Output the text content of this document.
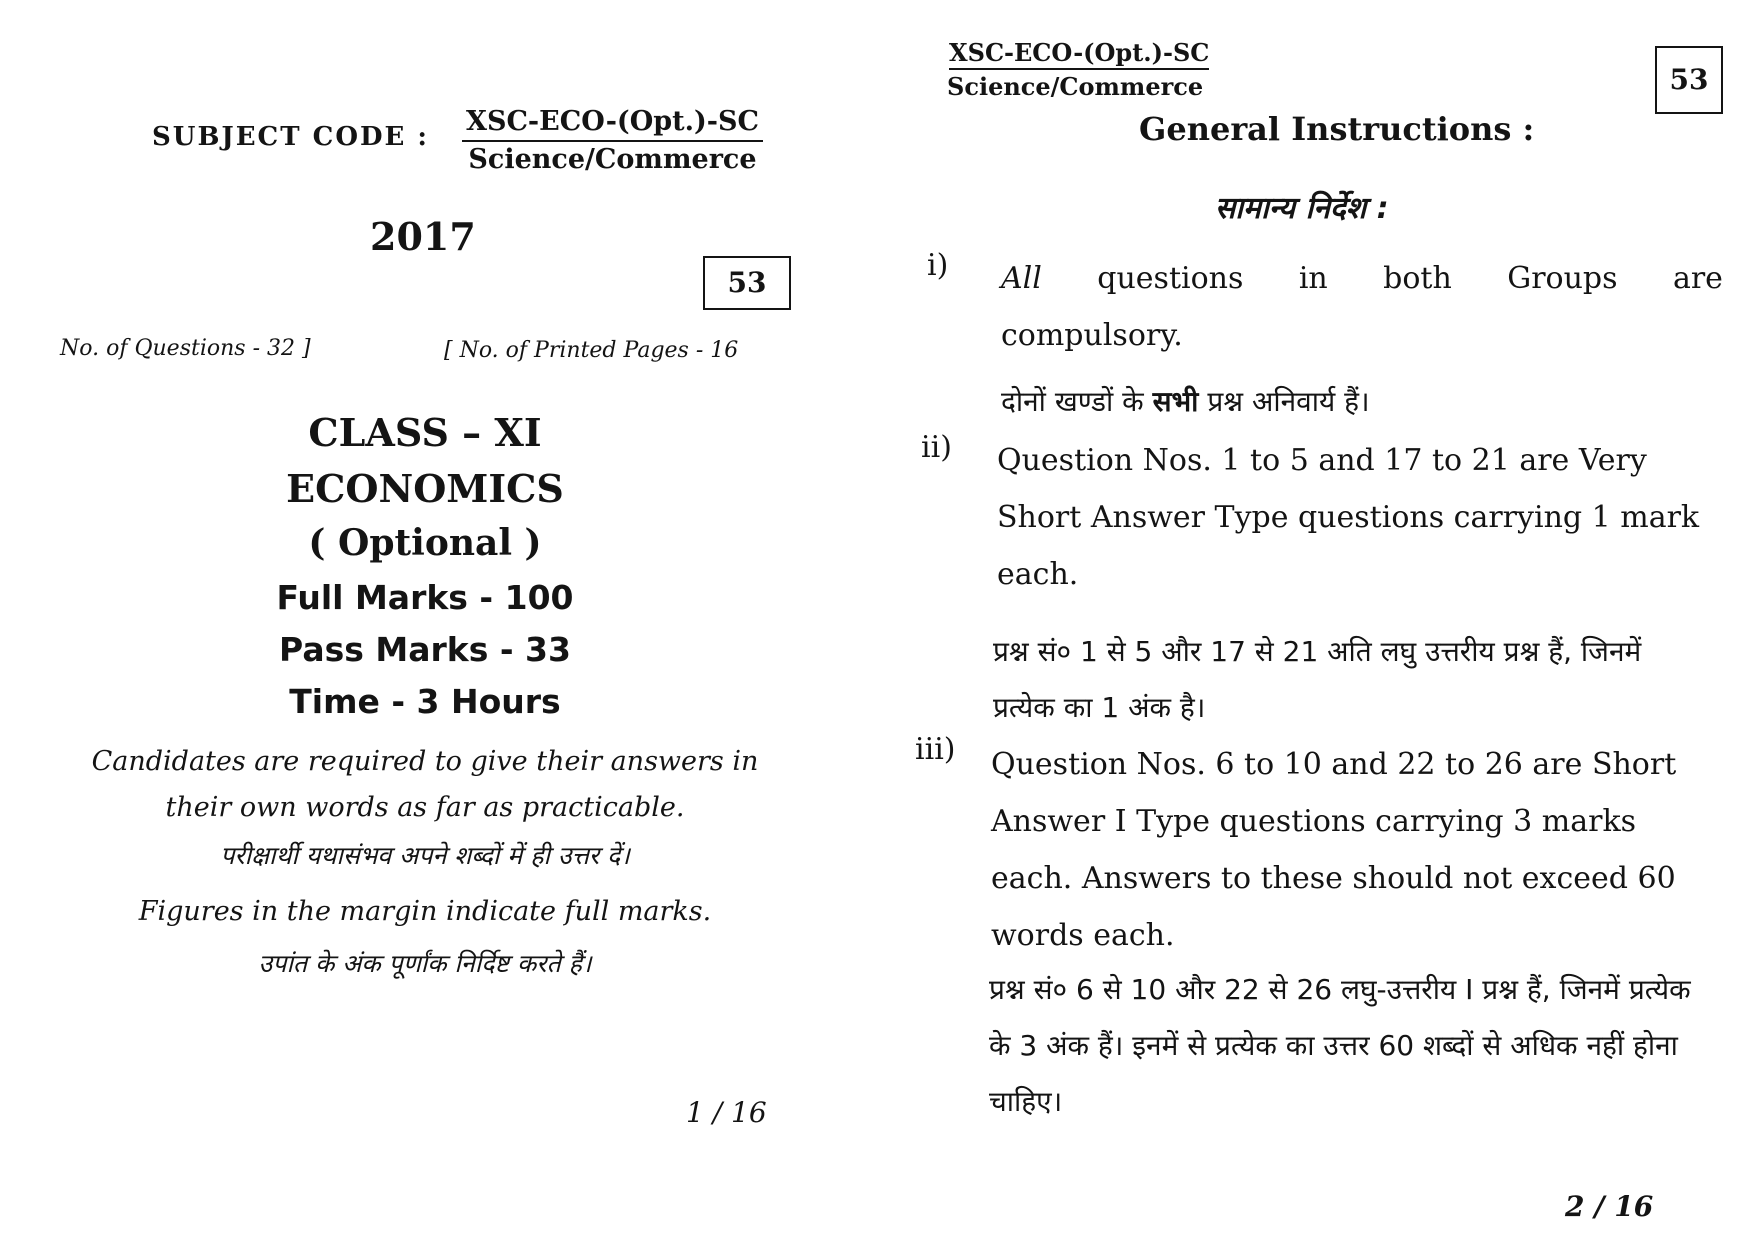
SUBJECT CODE : XSC-ECO-(Opt.)-SC
Science/Commerce
2017
53
No. of Questions - 32 ]	[ No. of Printed Pages - 16
CLASS – XI
ECONOMICS
( Optional )
Full Marks - 100
Pass Marks - 33
Time - 3 Hours
Candidates are required to give their answers in
their own words as far as practicable.
परीक्षार्थी यथासंभव अपने शब्दों में ही उत्तर दें।
Figures in the margin indicate full marks.
उपांत के अंक पूर्णांक निर्दिष्ट करते हैं।
1 / 16
XSC-ECO-(Opt.)-SC
Science/Commerce	53
General Instructions :
सामान्य निर्देश :
i) All questions in both Groups are
compulsory.
दोनों खण्डों के सभी प्रश्न अनिवार्य हैं।
ii) Question Nos. 1 to 5 and 17 to 21 are Very Short Answer Type questions carrying 1 mark each.
प्रश्न सं० 1 से 5 और 17 से 21 अति लघु उत्तरीय प्रश्न हैं, जिनमें प्रत्येक का 1 अंक है।
iii) Question Nos. 6 to 10 and 22 to 26 are Short Answer I Type questions carrying 3 marks each. Answers to these should not exceed 60 words each.
प्रश्न सं० 6 से 10 और 22 से 26 लघु-उत्तरीय I प्रश्न हैं, जिनमें प्रत्येक के 3 अंक हैं। इनमें से प्रत्येक का उत्तर 60 शब्दों से अधिक नहीं होना चाहिए।
2 / 16
